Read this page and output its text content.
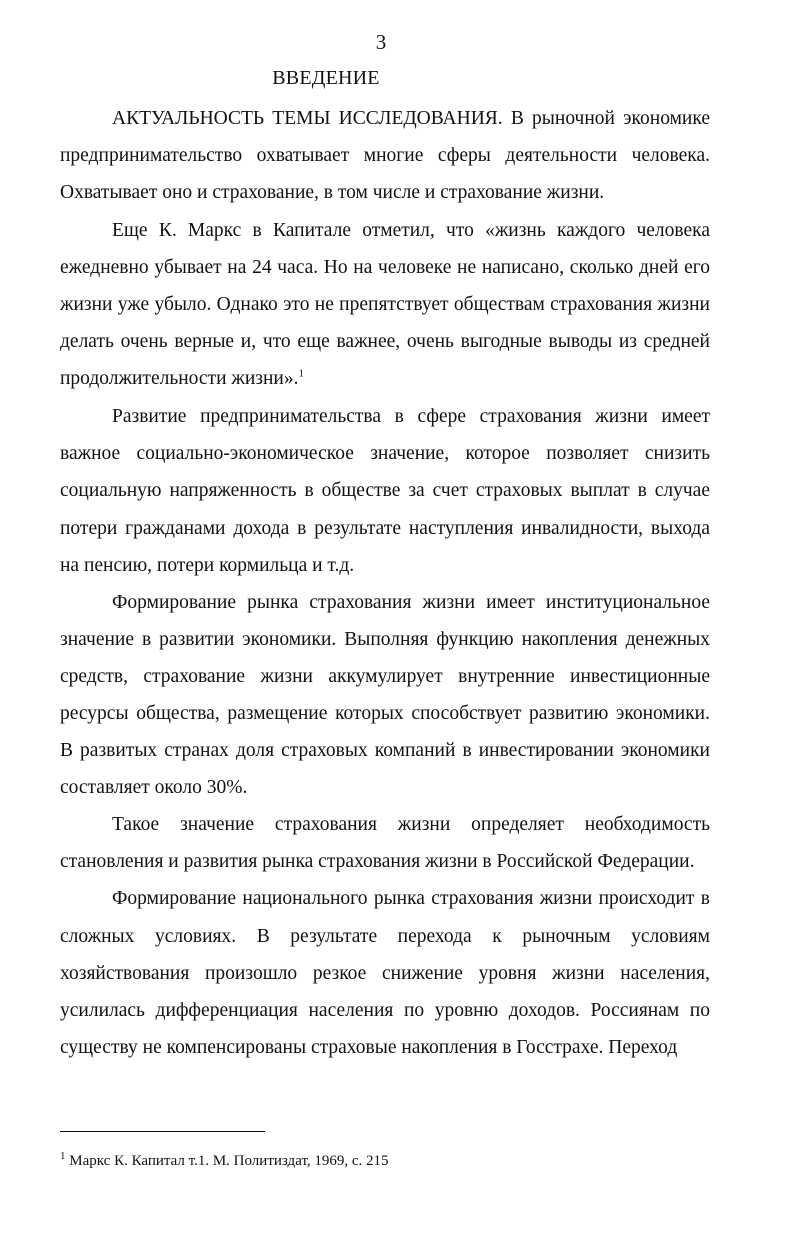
3
ВВЕДЕНИЕ

АКТУАЛЬНОСТЬ ТЕМЫ ИССЛЕДОВАНИЯ. В рыночной экономике предпринимательство охватывает многие сферы деятельности человека. Охватывает оно и страхование, в том числе и страхование жизни.

Еще К. Маркс в Капитале отметил, что «жизнь каждого человека ежедневно убывает на 24 часа. Но на человеке не написано, сколько дней его жизни уже убыло. Однако это не препятствует обществам страхования жизни делать очень верные и, что еще важнее, очень выгодные выводы из средней продолжительности жизни».$^1$

Развитие предпринимательства в сфере страхования жизни имеет важное социально-экономическое значение, которое позволяет снизить социальную напряженность в обществе за счет страховых выплат в случае потери гражданами дохода в результате наступления инвалидности, выхода на пенсию, потери кормильца и т.д.

Формирование рынка страхования жизни имеет институциональное значение в развитии экономики. Выполняя функцию накопления денежных средств, страхование жизни аккумулирует внутренние инвестиционные ресурсы общества, размещение которых способствует развитию экономики. В развитых странах доля страховых компаний в инвестировании экономики составляет около 30%.

Такое значение страхования жизни определяет необходимость становления и развития рынка страхования жизни в Российской Федерации.

Формирование национального рынка страхования жизни происходит в сложных условиях. В результате перехода к рыночным условиям хозяйствования произошло резкое снижение уровня жизни населения, усилилась дифференциация населения по уровню доходов. Россиянам по существу не компенсированы страховые накопления в Госстрахе. Переход

$^1$ Маркс К. Капитал т.1. М. Политиздат, 1969, с. 215
